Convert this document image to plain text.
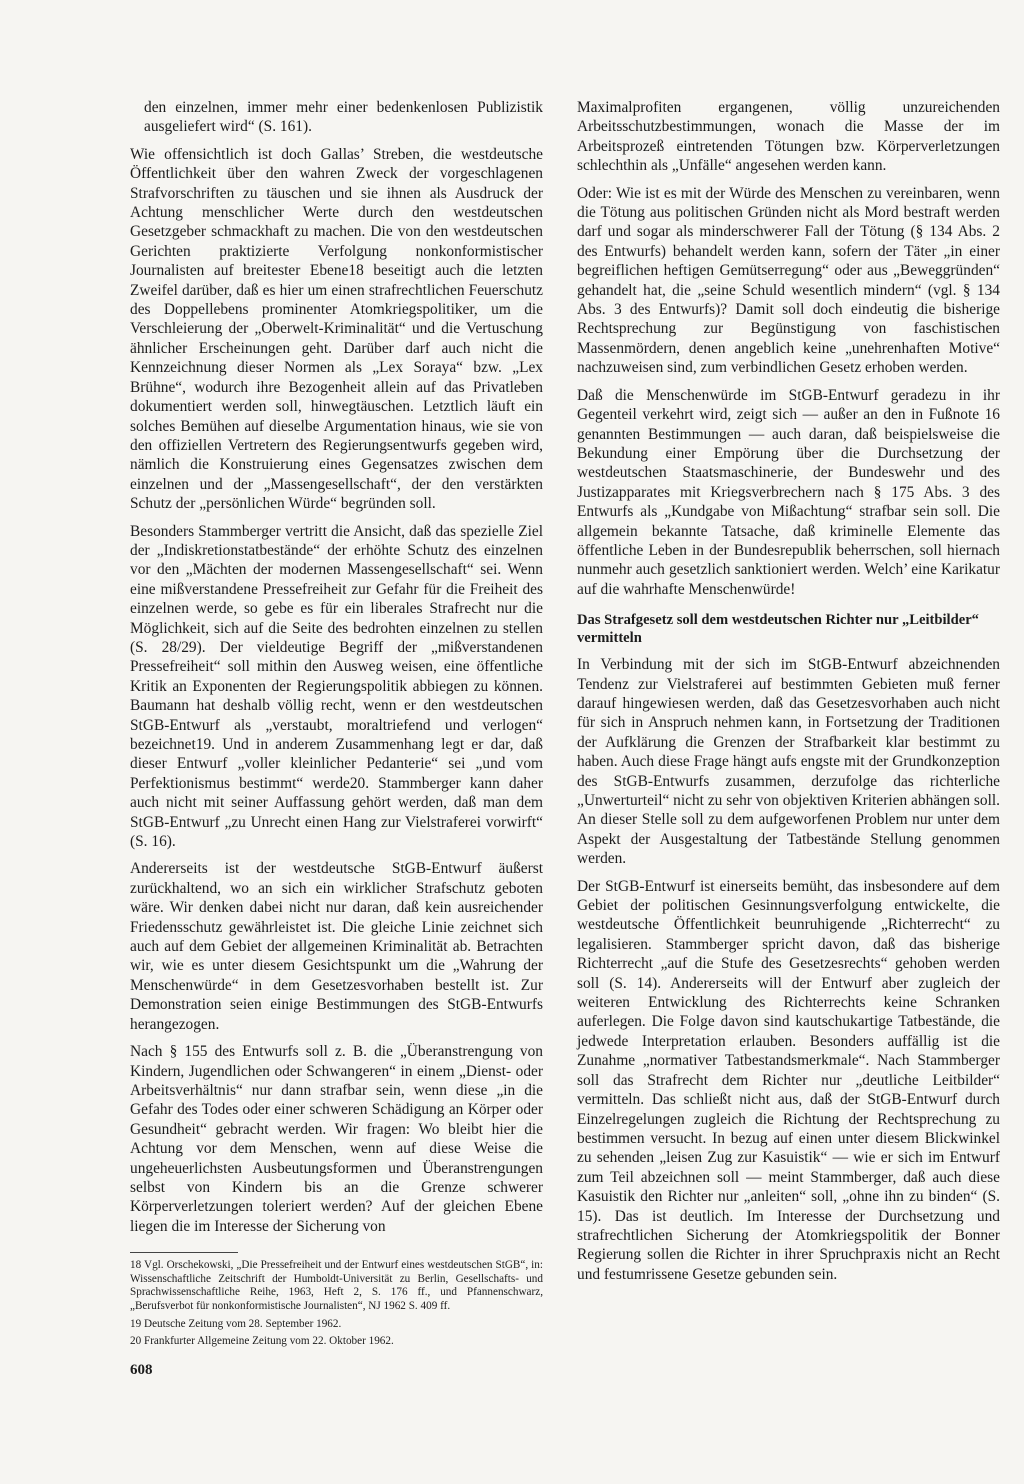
den einzelnen, immer mehr einer bedenkenlosen Publizistik ausgeliefert wird“ (S. 161).

Wie offensichtlich ist doch Gallas’ Streben, die westdeutsche Öffentlichkeit über den wahren Zweck der vorgeschlagenen Strafvorschriften zu täuschen und sie ihnen als Ausdruck der Achtung menschlicher Werte durch den westdeutschen Gesetzgeber schmackhaft zu machen. Die von den westdeutschen Gerichten praktizierte Verfolgung nonkonformistischer Journalisten auf breitester Ebene18 beseitigt auch die letzten Zweifel darüber, daß es hier um einen strafrechtlichen Feuerschutz des Doppellebens prominenter Atomkriegspolitiker, um die Verschleierung der „Oberwelt-Kriminalität“ und die Vertuschung ähnlicher Erscheinungen geht. Darüber darf auch nicht die Kennzeichnung dieser Normen als „Lex Soraya“ bzw. „Lex Brühne“, wodurch ihre Bezogenheit allein auf das Privatleben dokumentiert werden soll, hinwegtäuschen. Letztlich läuft ein solches Bemühen auf dieselbe Argumentation hinaus, wie sie von den offiziellen Vertretern des Regierungsentwurfs gegeben wird, nämlich die Konstruierung eines Gegensatzes zwischen dem einzelnen und der „Massengesellschaft“, der den verstärkten Schutz der „persönlichen Würde“ begründen soll.

Besonders Stammberger vertritt die Ansicht, daß das spezielle Ziel der „Indiskretionstatbestände“ der erhöhte Schutz des einzelnen vor den „Mächten der modernen Massengesellschaft“ sei. Wenn eine mißverstandene Pressefreiheit zur Gefahr für die Freiheit des einzelnen werde, so gebe es für ein liberales Strafrecht nur die Möglichkeit, sich auf die Seite des bedrohten einzelnen zu stellen (S. 28/29). Der vieldeutige Begriff der „mißverstandenen Pressefreiheit“ soll mithin den Ausweg weisen, eine öffentliche Kritik an Exponenten der Regierungspolitik abbiegen zu können. Baumann hat deshalb völlig recht, wenn er den westdeutschen StGB-Entwurf als „verstaubt, moraltriefend und verlogen“ bezeichnet19. Und in anderem Zusammenhang legt er dar, daß dieser Entwurf „voller kleinlicher Pedanterie“ sei „und vom Perfektionismus bestimmt“ werde20. Stammberger kann daher auch nicht mit seiner Auffassung gehört werden, daß man dem StGB-Entwurf „zu Unrecht einen Hang zur Vielstraferei vorwirft“ (S. 16).

Andererseits ist der westdeutsche StGB-Entwurf äußerst zurückhaltend, wo an sich ein wirklicher Strafschutz geboten wäre. Wir denken dabei nicht nur daran, daß kein ausreichender Friedensschutz gewährleistet ist. Die gleiche Linie zeichnet sich auch auf dem Gebiet der allgemeinen Kriminalität ab. Betrachten wir, wie es unter diesem Gesichtspunkt um die „Wahrung der Menschenwürde“ in dem Gesetzesvorhaben bestellt ist. Zur Demonstration seien einige Bestimmungen des StGB-Entwurfs herangezogen.

Nach § 155 des Entwurfs soll z. B. die „Überanstrengung von Kindern, Jugendlichen oder Schwangeren“ in einem „Dienst- oder Arbeitsverhältnis“ nur dann strafbar sein, wenn diese „in die Gefahr des Todes oder einer schweren Schädigung an Körper oder Gesundheit“ gebracht werden. Wir fragen: Wo bleibt hier die Achtung vor dem Menschen, wenn auf diese Weise die ungeheuerlichsten Ausbeutungsformen und Überanstrengungen selbst von Kindern bis an die Grenze schwerer Körperverletzungen toleriert werden? Auf der gleichen Ebene liegen die im Interesse der Sicherung von

18 Vgl. Orschekowski, „Die Pressefreiheit und der Entwurf eines westdeutschen StGB“, in: Wissenschaftliche Zeitschrift der Humboldt-Universität zu Berlin, Gesellschafts- und Sprachwissenschaftliche Reihe, 1963, Heft 2, S. 176 ff., und Pfannenschwarz, „Berufsverbot für nonkonformistische Journalisten“, NJ 1962 S. 409 ff.

19 Deutsche Zeitung vom 28. September 1962.

20 Frankfurter Allgemeine Zeitung vom 22. Oktober 1962.

Maximalprofiten ergangenen, völlig unzureichenden Arbeitsschutzbestimmungen, wonach die Masse der im Arbeitsprozeß eintretenden Tötungen bzw. Körperverletzungen schlechthin als „Unfälle“ angesehen werden kann.

Oder: Wie ist es mit der Würde des Menschen zu vereinbaren, wenn die Tötung aus politischen Gründen nicht als Mord bestraft werden darf und sogar als minderschwerer Fall der Tötung (§ 134 Abs. 2 des Entwurfs) behandelt werden kann, sofern der Täter „in einer begreiflichen heftigen Gemütserregung“ oder aus „Beweggründen“ gehandelt hat, die „seine Schuld wesentlich mindern“ (vgl. § 134 Abs. 3 des Entwurfs)? Damit soll doch eindeutig die bisherige Rechtsprechung zur Begünstigung von faschistischen Massenmördern, denen angeblich keine „unehrenhaften Motive“ nachzuweisen sind, zum verbindlichen Gesetz erhoben werden.

Daß die Menschenwürde im StGB-Entwurf geradezu in ihr Gegenteil verkehrt wird, zeigt sich — außer an den in Fußnote 16 genannten Bestimmungen — auch daran, daß beispielsweise die Bekundung einer Empörung über die Durchsetzung der westdeutschen Staatsmaschinerie, der Bundeswehr und des Justizapparates mit Kriegsverbrechern nach § 175 Abs. 3 des Entwurfs als „Kundgabe von Mißachtung“ strafbar sein soll. Die allgemein bekannte Tatsache, daß kriminelle Elemente das öffentliche Leben in der Bundesrepublik beherrschen, soll hiernach nunmehr auch gesetzlich sanktioniert werden. Welch’ eine Karikatur auf die wahrhafte Menschenwürde!

Das Strafgesetz soll dem westdeutschen Richter nur „Leitbilder“ vermitteln

In Verbindung mit der sich im StGB-Entwurf abzeichnenden Tendenz zur Vielstraferei auf bestimmten Gebieten muß ferner darauf hingewiesen werden, daß das Gesetzesvorhaben auch nicht für sich in Anspruch nehmen kann, in Fortsetzung der Traditionen der Aufklärung die Grenzen der Strafbarkeit klar bestimmt zu haben. Auch diese Frage hängt aufs engste mit der Grundkonzeption des StGB-Entwurfs zusammen, derzufolge das richterliche „Unwerturteil“ nicht zu sehr von objektiven Kriterien abhängen soll. An dieser Stelle soll zu dem aufgeworfenen Problem nur unter dem Aspekt der Ausgestaltung der Tatbestände Stellung genommen werden.

Der StGB-Entwurf ist einerseits bemüht, das insbesondere auf dem Gebiet der politischen Gesinnungsverfolgung entwickelte, die westdeutsche Öffentlichkeit beunruhigende „Richterrecht“ zu legalisieren. Stammberger spricht davon, daß das bisherige Richterrecht „auf die Stufe des Gesetzesrechts“ gehoben werden soll (S. 14). Andererseits will der Entwurf aber zugleich der weiteren Entwicklung des Richterrechts keine Schranken auferlegen. Die Folge davon sind kautschukartige Tatbestände, die jedwede Interpretation erlauben. Besonders auffällig ist die Zunahme „normativer Tatbestandsmerkmale“. Nach Stammberger soll das Strafrecht dem Richter nur „deutliche Leitbilder“ vermitteln. Das schließt nicht aus, daß der StGB-Entwurf durch Einzelregelungen zugleich die Richtung der Rechtsprechung zu bestimmen versucht. In bezug auf einen unter diesem Blickwinkel zu sehenden „leisen Zug zur Kasuistik“ — wie er sich im Entwurf zum Teil abzeichnen soll — meint Stammberger, daß auch diese Kasuistik den Richter nur „anleiten“ soll, „ohne ihn zu binden“ (S. 15). Das ist deutlich. Im Interesse der Durchsetzung und strafrechtlichen Sicherung der Atomkriegspolitik der Bonner Regierung sollen die Richter in ihrer Spruchpraxis nicht an Recht und festumrissene Gesetze gebunden sein.

608
